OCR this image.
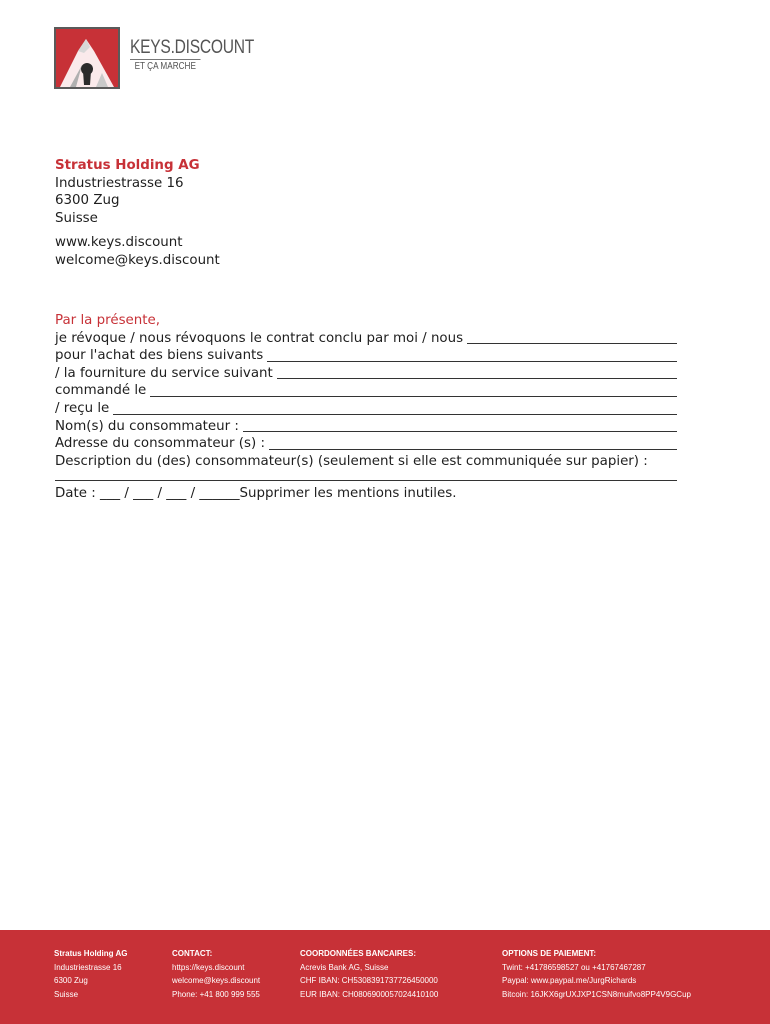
KEYS.DISCOUNT
ET ÇA MARCHE
Stratus Holding AG
Industriestrasse 16
6300 Zug
Suisse
www.keys.discount
welcome@keys.discount
Par la présente,
je révoque / nous révoquons le contrat conclu par moi / nous
pour l'achat des biens suivants
/ la fourniture du service suivant
commandé le
/ reçu le
Nom(s) du consommateur :
Adresse du consommateur (s) :
Description du (des) consommateur(s) (seulement si elle est communiquée sur papier) :
Date : ___ / ___ / ___ / ______Supprimer les mentions inutiles.
Stratus Holding AG
Industriestrasse 16
6300 Zug
Suisse
CONTACT:
https://keys.discount
welcome@keys.discount
Phone: +41 800 999 555
COORDONNÉES BANCAIRES:
Acrevis Bank AG, Suisse
CHF IBAN: CH5308391737726450000
EUR IBAN: CH0806900057024410100
OPTIONS DE PAIEMENT:
Twint: +41786598527 ou +41767467287
Paypal: www.paypal.me/JurgRichards
Bitcoin: 16JKX6grUXJXP1CSN8muifvo8PP4V9GCup
